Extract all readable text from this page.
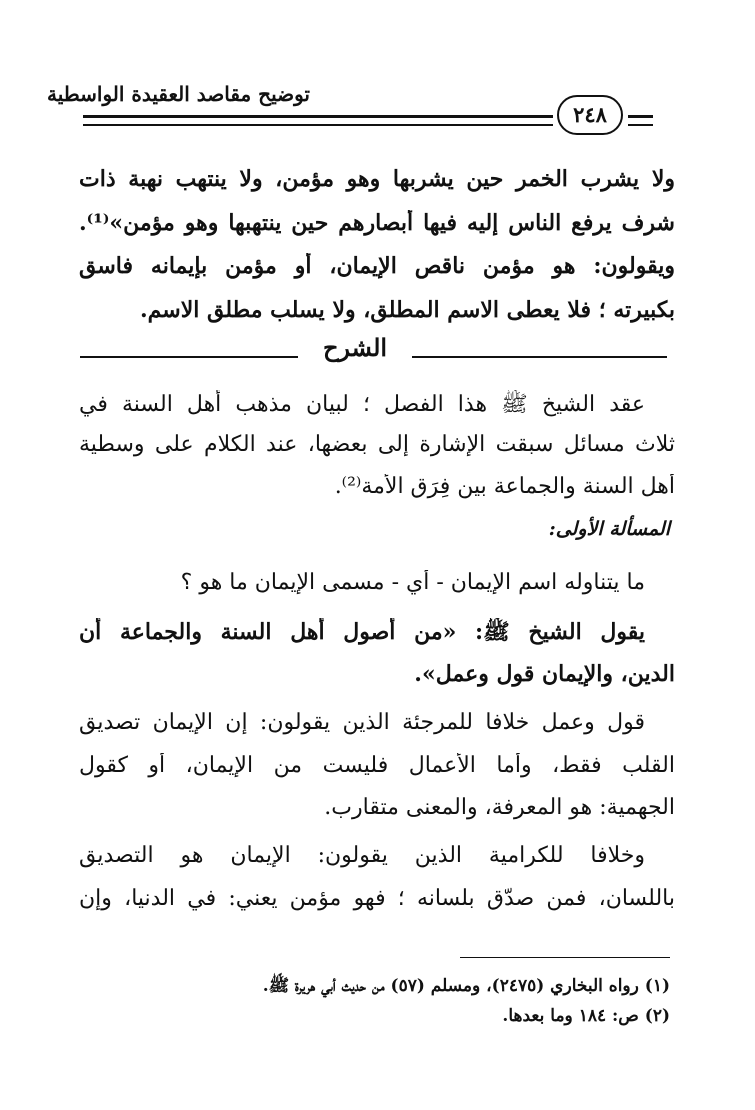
توضيح مقاصد العقيدة الواسطية
٢٤٨
ولا يشرب الخمر حين يشربها وهو مؤمن، ولا ينتهب نهبة ذات
شرف يرفع الناس إليه فيها أبصارهم حين ينتهبها وهو مؤمن»⁽¹⁾.
ويقولون: هو مؤمن ناقص الإيمان، أو مؤمن بإيمانه فاسق
بكبيرته ؛ فلا يعطى الاسم المطلق، ولا يسلب مطلق الاسم.
الشرح
عقد الشيخ ﷺ هذا الفصل ؛ لبيان مذهب أهل السنة في
ثلاث مسائل سبقت الإشارة إلى بعضها، عند الكلام على وسطية
أهل السنة والجماعة بين فِرَق الأمة⁽²⁾.
المسألة الأولى:
ما يتناوله اسم الإيمان - أي - مسمى الإيمان ما هو ؟
يقول الشيخ ﷺ: «من أصول أهل السنة والجماعة أن
الدين، والإيمان قول وعمل».
قول وعمل خلافا للمرجئة الذين يقولون: إن الإيمان تصديق
القلب فقط، وأما الأعمال فليست من الإيمان، أو كقول
الجهمية: هو المعرفة، والمعنى متقارب.
وخلافا للكرامية الذين يقولون: الإيمان هو التصديق
باللسان، فمن صدّق بلسانه ؛ فهو مؤمن يعني: في الدنيا، وإن
(١) رواه البخاري (٢٤٧٥)، ومسلم (٥٧) من حديث أبي هريرة ﷺ.
(٢) ص: ١٨٤ وما بعدها.
